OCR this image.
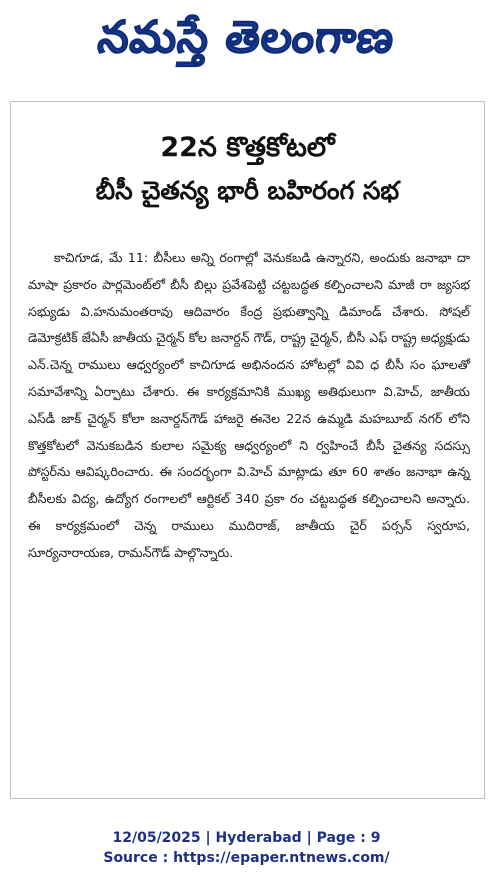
నమస్తే తెలంగాణ
22న కొత్తకోటలో
బీసీ చైతన్య భారీ బహిరంగ సభ

కాచిగూడ, మే 11: బీసీలు అన్ని రంగాల్లో వెనుకబడి ఉన్నారని, అందుకు జనాభా దా మాషా ప్రకారం పార్లమెంట్‌లో బీసీ బిల్లు ప్రవేశపెట్టి చట్టబద్ధత కల్పించాలని మాజీ రా జ్యసభ సభ్యుడు వి.హనుమంతరావు ఆదివారం కేంద్ర ప్రభుత్వాన్ని డిమాండ్ చేశారు. సోషల్ డెమోక్రటిక్ జేఏసీ జాతీయ చైర్మన్ కోల జనార్దన్ గౌడ్, రాష్ట్ర చైర్మన్, బీసీ ఎఫ్ రాష్ట్ర అధ్యక్షుడు ఎన్.చెన్న రాములు ఆధ్వర్యంలో కాచిగూడ అభినందన హోటల్లో వివి ధ బీసీ సం ఘాలతో సమావేశాన్ని ఏర్పాటు చేశారు. ఈ కార్యక్రమానికి ముఖ్య అతిథులుగా వి.హెచ్, జాతీయ ఎస్‌డీ జాక్ చైర్మన్ కోలా జనార్దన్‌గౌడ్ హాజరై ఈనెల 22న ఉమ్మడి మహబూబ్ నగర్ లోని కొత్తకోటలో వెనుకబడిన కులాల సమైక్య ఆధ్వర్యంలో ని ర్వహించే బీసీ చైతన్య సదస్సు పోస్టర్‌ను ఆవిష్కరించారు. ఈ సందర్భంగా వి.హెచ్ మాట్లాడు తూ 60 శాతం జనాభా ఉన్న బీసీలకు విద్య, ఉద్యోగ రంగాలలో ఆర్టికల్ 340 ప్రకా రం చట్టబద్ధత కల్పించాలని అన్నారు. ఈ కార్యక్రమంలో చెన్న రాములు ముదిరాజ్, జాతీయ చైర్ పర్సన్ స్వరూప, సూర్యనారాయణ, రామన్‌గౌడ్ పాల్గొన్నారు.

12/05/2025 | Hyderabad | Page : 9
Source : https://epaper.ntnews.com/
